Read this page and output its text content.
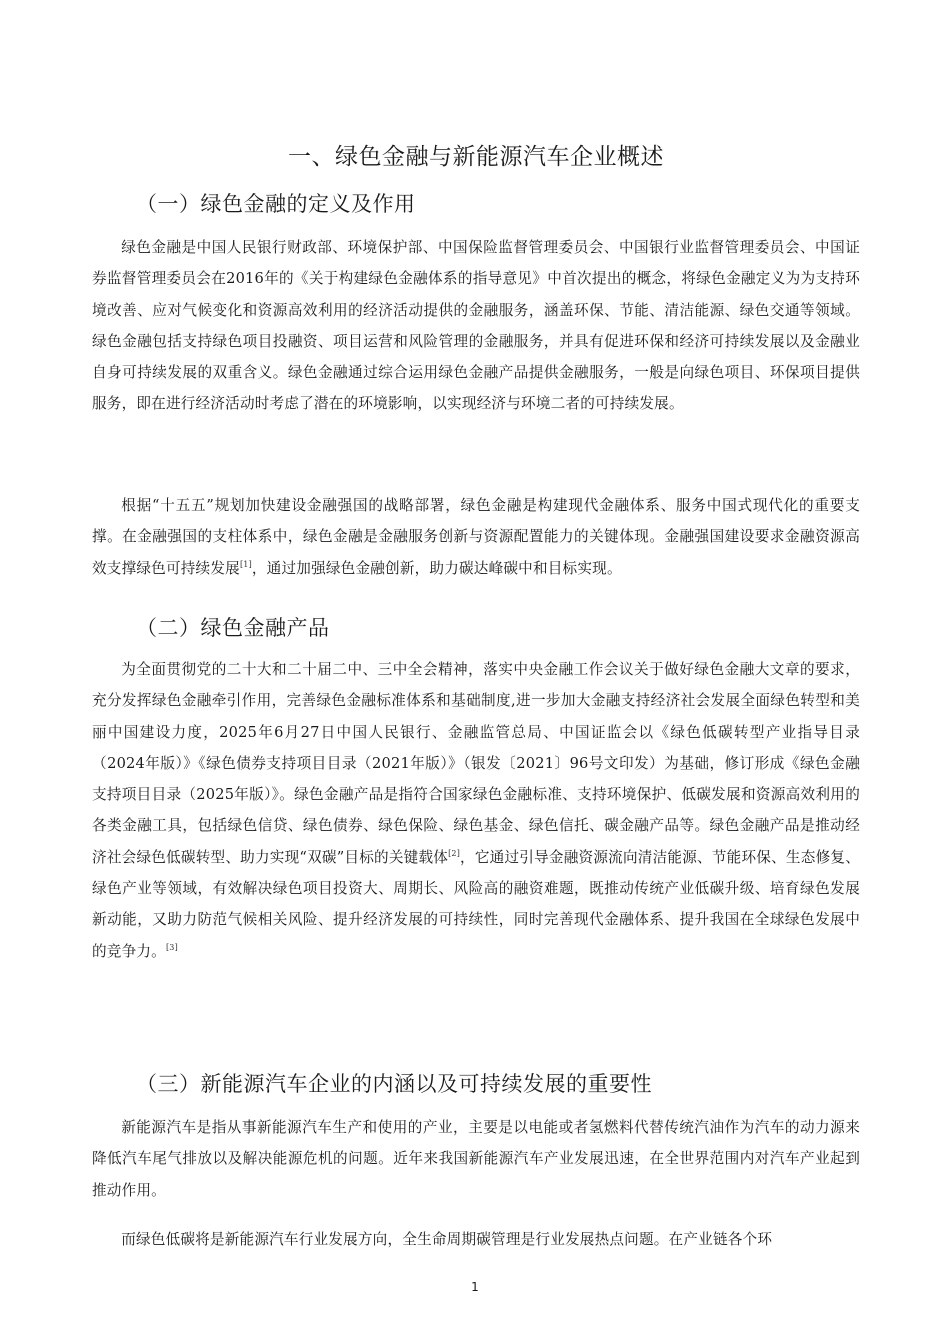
一、绿色金融与新能源汽车企业概述
（一）绿色金融的定义及作用

绿色金融是中国人民银行财政部、环境保护部、中国保险监督管理委员会、中国银行业监督管理委员会、中国证券监督管理委员会在2016年的《关于构建绿色金融体系的指导意见》中首次提出的概念，将绿色金融定义为为支持环境改善、应对气候变化和资源高效利用的经济活动提供的金融服务，涵盖环保、节能、清洁能源、绿色交通等领域。绿色金融包括支持绿色项目投融资、项目运营和风险管理的金融服务，并具有促进环保和经济可持续发展以及金融业自身可持续发展的双重含义。绿色金融通过综合运用绿色金融产品提供金融服务，一般是向绿色项目、环保项目提供服务，即在进行经济活动时考虑了潜在的环境影响，以实现经济与环境二者的可持续发展。

根据“十五五”规划加快建设金融强国的战略部署，绿色金融是构建现代金融体系、服务中国式现代化的重要支撑。在金融强国的支柱体系中，绿色金融是金融服务创新与资源配置能力的关键体现。金融强国建设要求金融资源高效支撑绿色可持续发展[1]，通过加强绿色金融创新，助力碳达峰碳中和目标实现。

（二）绿色金融产品

为全面贯彻党的二十大和二十届二中、三中全会精神，落实中央金融工作会议关于做好绿色金融大文章的要求，充分发挥绿色金融牵引作用，完善绿色金融标准体系和基础制度,进一步加大金融支持经济社会发展全面绿色转型和美丽中国建设力度，2025年6月27日中国人民银行、金融监管总局、中国证监会以《绿色低碳转型产业指导目录（2024年版）》《绿色债券支持项目目录（2021年版）》（银发〔2021〕96号文印发）为基础，修订形成《绿色金融支持项目目录（2025年版）》。绿色金融产品是指符合国家绿色金融标准、支持环境保护、低碳发展和资源高效利用的各类金融工具，包括绿色信贷、绿色债券、绿色保险、绿色基金、绿色信托、碳金融产品等。绿色金融产品是推动经济社会绿色低碳转型、助力实现“双碳”目标的关键载体[2]，它通过引导金融资源流向清洁能源、节能环保、生态修复、绿色产业等领域，有效解决绿色项目投资大、周期长、风险高的融资难题，既推动传统产业低碳升级、培育绿色发展新动能，又助力防范气候相关风险、提升经济发展的可持续性，同时完善现代金融体系、提升我国在全球绿色发展中的竞争力。[3]

（三）新能源汽车企业的内涵以及可持续发展的重要性

新能源汽车是指从事新能源汽车生产和使用的产业，主要是以电能或者氢燃料代替传统汽油作为汽车的动力源来降低汽车尾气排放以及解决能源危机的问题。近年来我国新能源汽车产业发展迅速，在全世界范围内对汽车产业起到推动作用。

而绿色低碳将是新能源汽车行业发展方向，全生命周期碳管理是行业发展热点问题。在产业链各个环

1
